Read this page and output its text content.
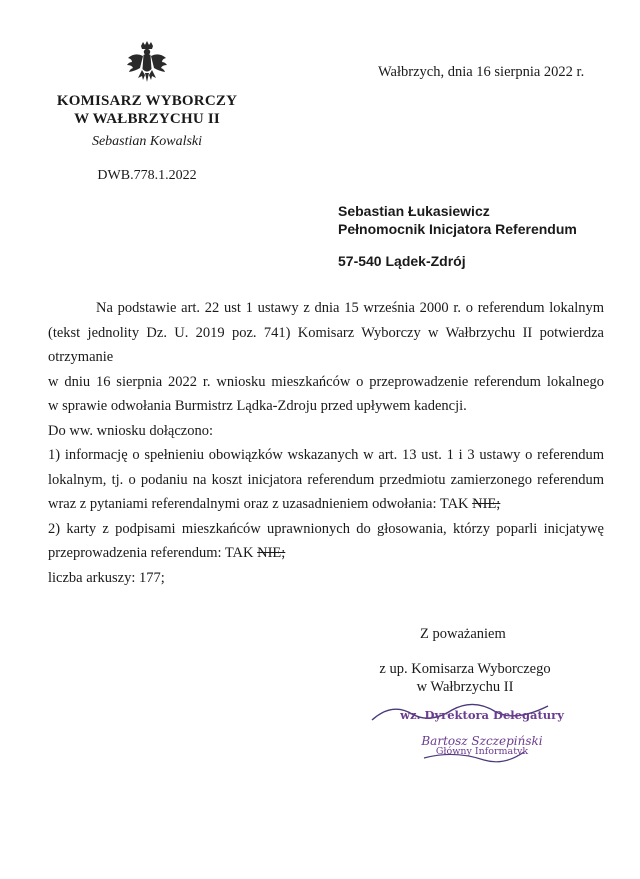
KOMISARZ WYBORCZY
W WAŁBRZYCHU II
Sebastian Kowalski
DWB.778.1.2022
Wałbrzych, dnia 16 sierpnia 2022 r.
Sebastian Łukasiewicz
Pełnomocnik Inicjatora Referendum
57-540 Lądek-Zdrój

Na podstawie art. 22 ust 1 ustawy z dnia 15 września 2000 r. o referendum lokalnym

(tekst jednolity Dz. U. 2019 poz. 741) Komisarz Wyborczy w Wałbrzychu II potwierdza

otrzymanie

w dniu 16 sierpnia 2022 r. wniosku mieszkańców o przeprowadzenie referendum lokalnego

w sprawie odwołania Burmistrz Lądka-Zdroju przed upływem kadencji.

Do ww. wniosku dołączono:

1) informację o spełnieniu obowiązków wskazanych w art. 13 ust. 1 i 3 ustawy o referendum

lokalnym, tj. o podaniu na koszt inicjatora referendum przedmiotu zamierzonego referendum

wraz z pytaniami referendalnymi oraz z uzasadnieniem odwołania: TAK NIE;

2) karty z podpisami mieszkańców uprawnionych do głosowania, którzy poparli inicjatywę

przeprowadzenia referendum: TAK NIE;

liczba arkuszy: 177;

Z poważaniem
z up. Komisarza Wyborczego
w Wałbrzychu II
wz. Dyrektora Delegatury
Bartosz Szczepiński
Główny Informatyk
